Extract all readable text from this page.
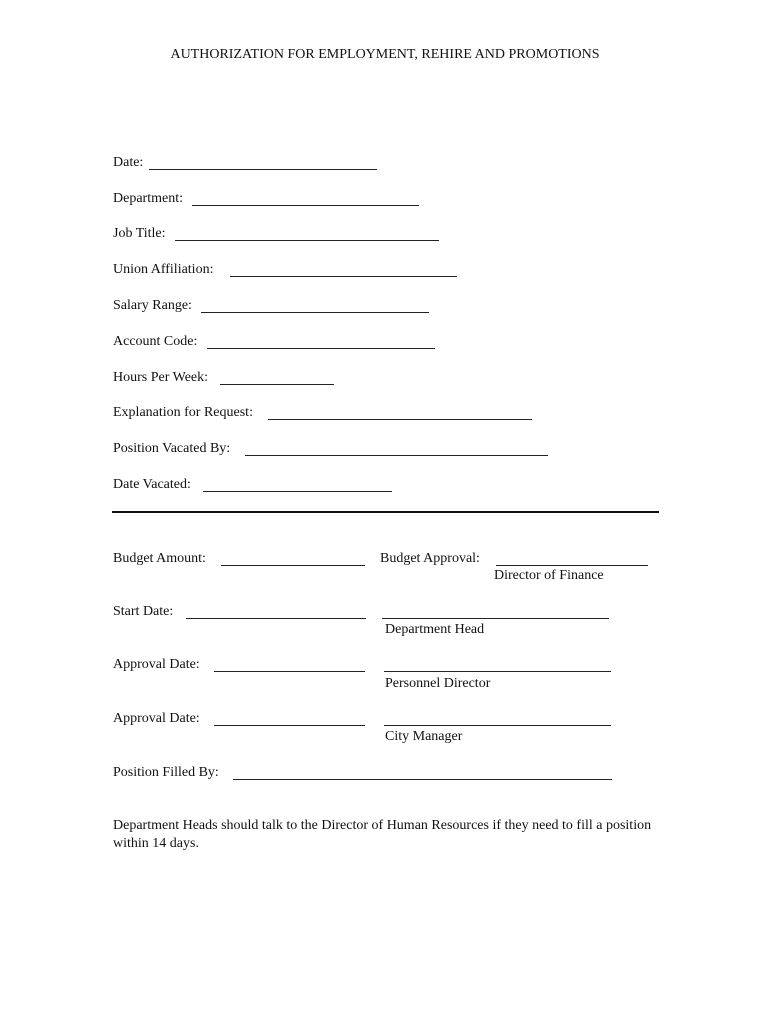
AUTHORIZATION FOR EMPLOYMENT, REHIRE AND PROMOTIONS
Date:
Department:
Job Title:
Union Affiliation:
Salary Range:
Account Code:
Hours Per Week:
Explanation for Request:
Position Vacated By:
Date Vacated:
Budget Amount:	Budget Approval:
Director of Finance
Start Date:
Department Head
Approval Date:
Personnel Director
Approval Date:
City Manager
Position Filled By:
Department Heads should talk to the Director of Human Resources if they need to fill a position within 14 days.
